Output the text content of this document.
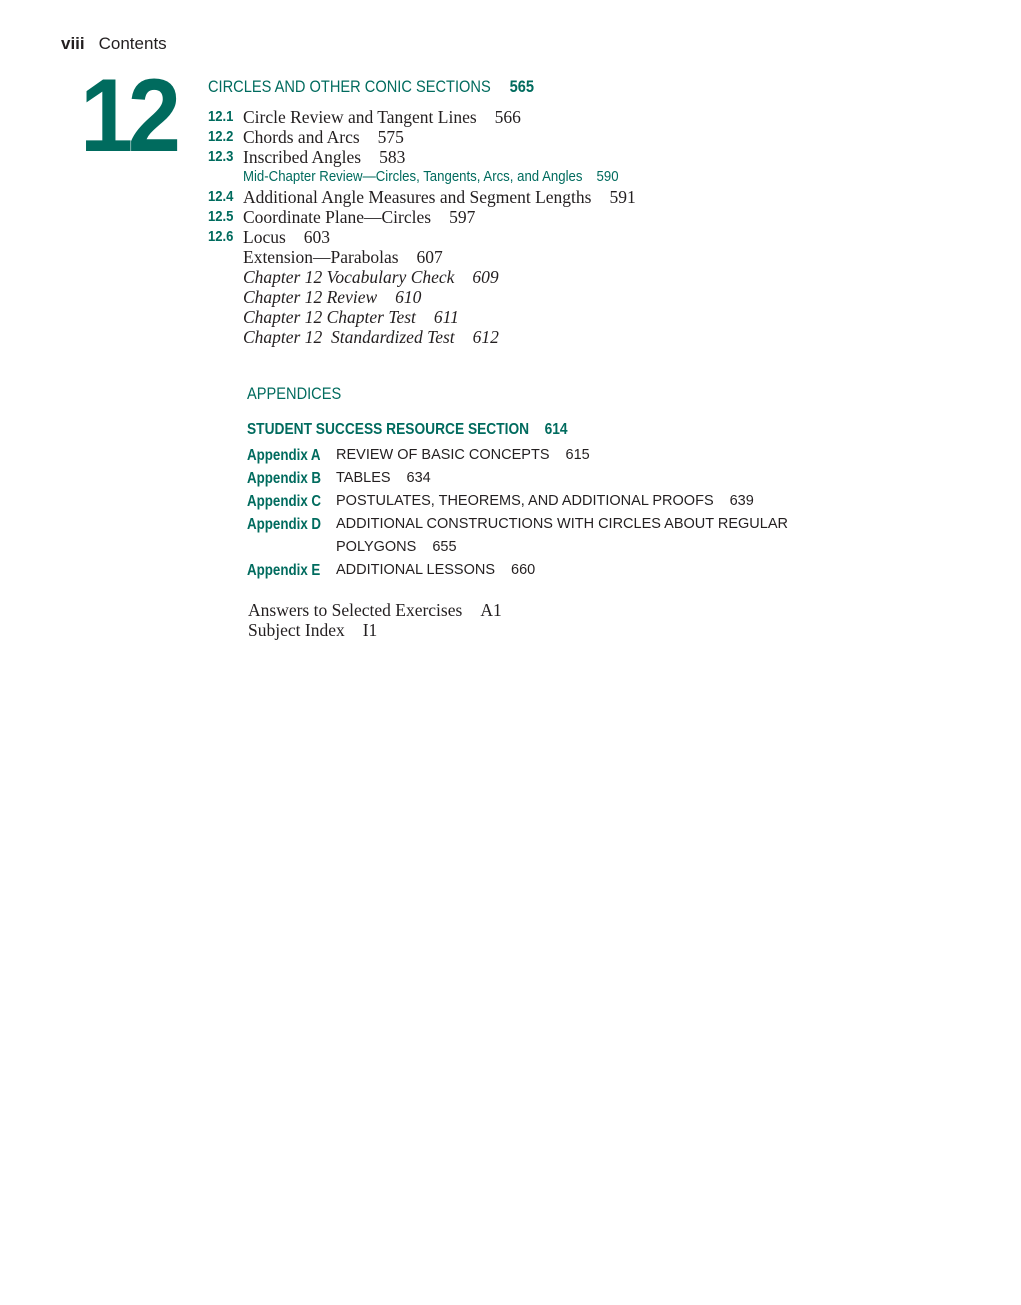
viii Contents
12 CIRCLES AND OTHER CONIC SECTIONS 565
12.1 Circle Review and Tangent Lines 566
12.2 Chords and Arcs 575
12.3 Inscribed Angles 583
Mid-Chapter Review—Circles, Tangents, Arcs, and Angles 590
12.4 Additional Angle Measures and Segment Lengths 591
12.5 Coordinate Plane—Circles 597
12.6 Locus 603
Extension—Parabolas 607
Chapter 12 Vocabulary Check 609
Chapter 12 Review 610
Chapter 12 Chapter Test 611
Chapter 12  Standardized Test 612
APPENDICES
STUDENT SUCCESS RESOURCE SECTION 614
Appendix A REVIEW OF BASIC CONCEPTS 615
Appendix B TABLES 634
Appendix C POSTULATES, THEOREMS, AND ADDITIONAL PROOFS 639
Appendix D ADDITIONAL CONSTRUCTIONS WITH CIRCLES ABOUT REGULAR POLYGONS 655
Appendix E ADDITIONAL LESSONS 660
Answers to Selected Exercises A1
Subject Index I1
